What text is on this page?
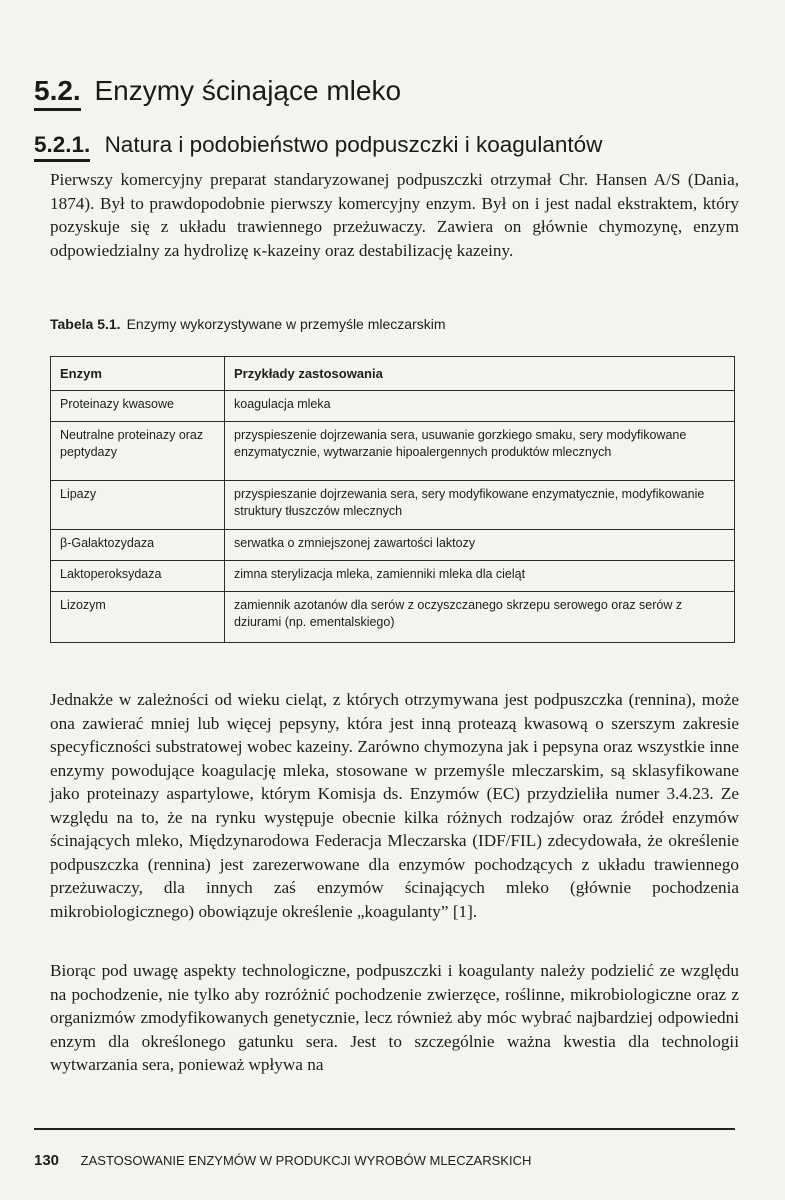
5.2. Enzymy ścinające mleko
5.2.1. Natura i podobieństwo podpuszczki i koagulantów

Pierwszy komercyjny preparat standaryzowanej podpuszczki otrzymał Chr. Hansen A/S (Dania, 1874). Był to prawdopodobnie pierwszy komercyjny enzym. Był on i jest nadal ekstraktem, który pozyskuje się z układu trawiennego przeżuwaczy. Zawiera on głównie chymozynę, enzym odpowiedzialny za hydrolizę κ-kazeiny oraz destabilizację kazeiny.

Tabela 5.1. Enzymy wykorzystywane w przemyśle mleczarskim
Enzym	Przykłady zastosowania
Proteinazy kwasowe	koagulacja mleka
Neutralne proteinazy oraz peptydazy	przyspieszenie dojrzewania sera, usuwanie gorzkiego smaku, sery modyfikowane enzymatycznie, wytwarzanie hipoalergennych produktów mlecznych
Lipazy	przyspieszanie dojrzewania sera, sery modyfikowane enzymatycznie, modyfikowanie struktury tłuszczów mlecznych
β-Galaktozydaza	serwatka o zmniejszonej zawartości laktozy
Laktoperoksydaza	zimna sterylizacja mleka, zamienniki mleka dla cieląt
Lizozym	zamiennik azotanów dla serów z oczyszczanego skrzepu serowego oraz serów z dziurami (np. ementalskiego)

Jednakże w zależności od wieku cieląt, z których otrzymywana jest podpuszczka (rennina), może ona zawierać mniej lub więcej pepsyny, która jest inną proteazą kwasową o szerszym zakresie specyficzności substratowej wobec kazeiny. Zarówno chymozyna jak i pepsyna oraz wszystkie inne enzymy powodujące koagulację mleka, stosowane w przemyśle mleczarskim, są sklasyfikowane jako proteinazy aspartylowe, którym Komisja ds. Enzymów (EC) przydzieliła numer 3.4.23. Ze względu na to, że na rynku występuje obecnie kilka różnych rodzajów oraz źródeł enzymów ścinających mleko, Międzynarodowa Federacja Mleczarska (IDF/FIL) zdecydowała, że określenie podpuszczka (rennina) jest zarezerwowane dla enzymów pochodzących z układu trawiennego przeżuwaczy, dla innych zaś enzymów ścinających mleko (głównie pochodzenia mikrobiologicznego) obowiązuje określenie „koagulanty” [1].

Biorąc pod uwagę aspekty technologiczne, podpuszczki i koagulanty należy podzielić ze względu na pochodzenie, nie tylko aby rozróżnić pochodzenie zwierzęce, roślinne, mikrobiologiczne oraz z organizmów zmodyfikowanych genetycznie, lecz również aby móc wybrać najbardziej odpowiedni enzym dla określonego gatunku sera. Jest to szczególnie ważna kwestia dla technologii wytwarzania sera, ponieważ wpływa na

130 ZASTOSOWANIE ENZYMÓW W PRODUKCJI WYROBÓW MLECZARSKICH
